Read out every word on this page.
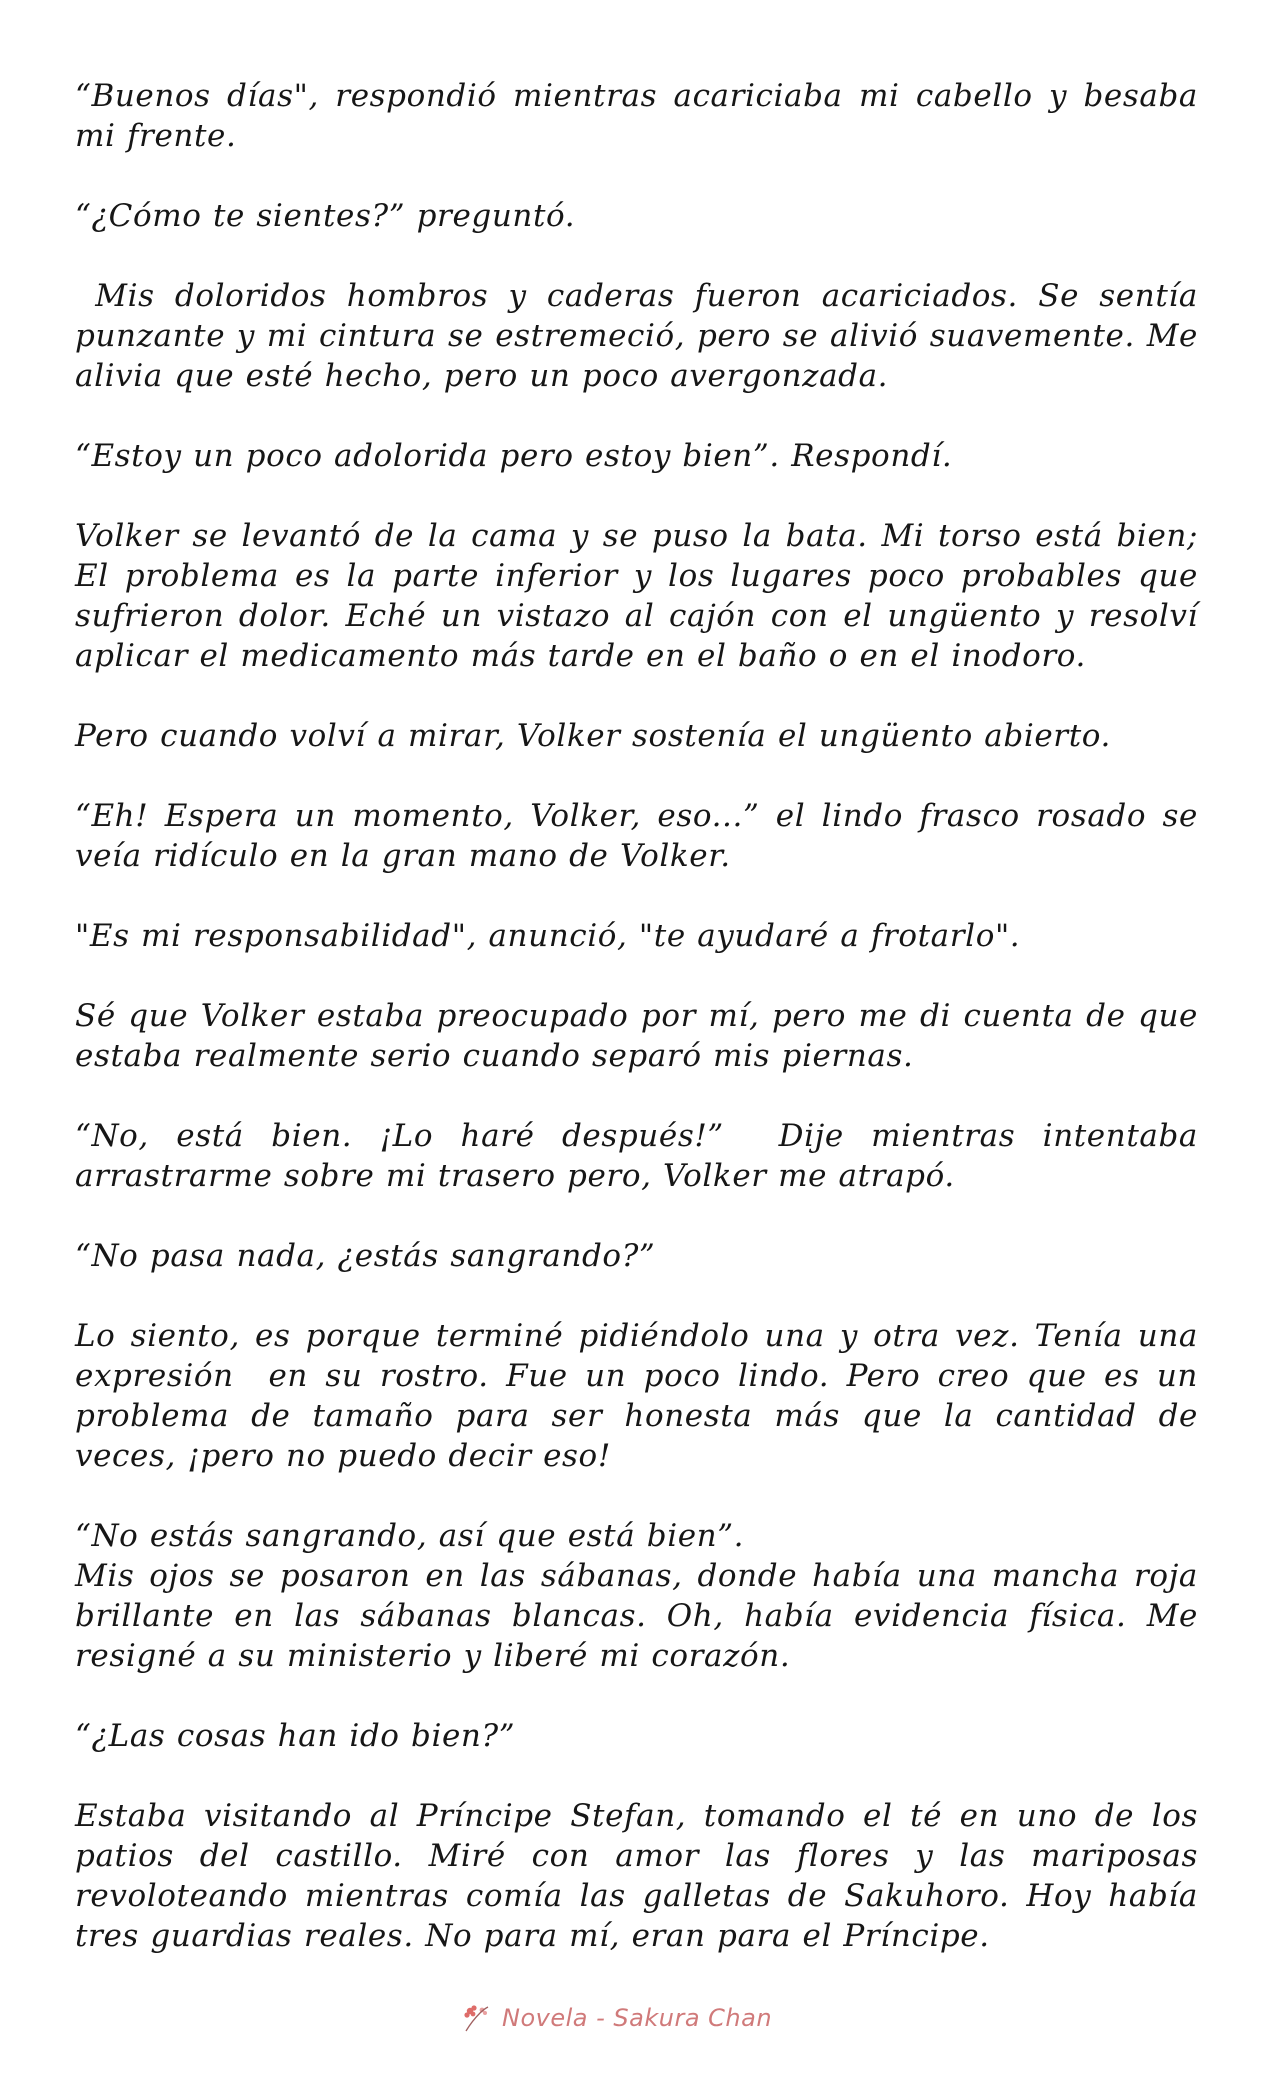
“Buenos días", respondió mientras acariciaba mi cabello y besaba mi frente.

“¿Cómo te sientes?” preguntó.

Mis doloridos hombros y caderas fueron acariciados. Se sentía punzante y mi cintura se estremeció, pero se alivió suavemente. Me alivia que esté hecho, pero un poco avergonzada.

“Estoy un poco adolorida pero estoy bien”. Respondí.

Volker se levantó de la cama y se puso la bata. Mi torso está bien; El problema es la parte inferior y los lugares poco probables que sufrieron dolor. Eché un vistazo al cajón con el ungüento y resolví aplicar el medicamento más tarde en el baño o en el inodoro.

Pero cuando volví a mirar, Volker sostenía el ungüento abierto.

“Eh! Espera un momento, Volker, eso...” el lindo frasco rosado se veía ridículo en la gran mano de Volker.

"Es mi responsabilidad", anunció, "te ayudaré a frotarlo".

Sé que Volker estaba preocupado por mí, pero me di cuenta de que estaba realmente serio cuando separó mis piernas.

“No, está bien. ¡Lo haré después!”  Dije mientras intentaba arrastrarme sobre mi trasero pero, Volker me atrapó.

“No pasa nada, ¿estás sangrando?”

Lo siento, es porque terminé pidiéndolo una y otra vez. Tenía una expresión  en su rostro. Fue un poco lindo. Pero creo que es un problema de tamaño para ser honesta más que la cantidad de veces, ¡pero no puedo decir eso!

“No estás sangrando, así que está bien”.
Mis ojos se posaron en las sábanas, donde había una mancha roja brillante en las sábanas blancas. Oh, había evidencia física. Me resigné a su ministerio y liberé mi corazón.

“¿Las cosas han ido bien?”

Estaba visitando al Príncipe Stefan, tomando el té en uno de los patios del castillo. Miré con amor las flores y las mariposas revoloteando mientras comía las galletas de Sakuhoro. Hoy había tres guardias reales. No para mí, eran para el Príncipe.

Novela - Sakura Chan
